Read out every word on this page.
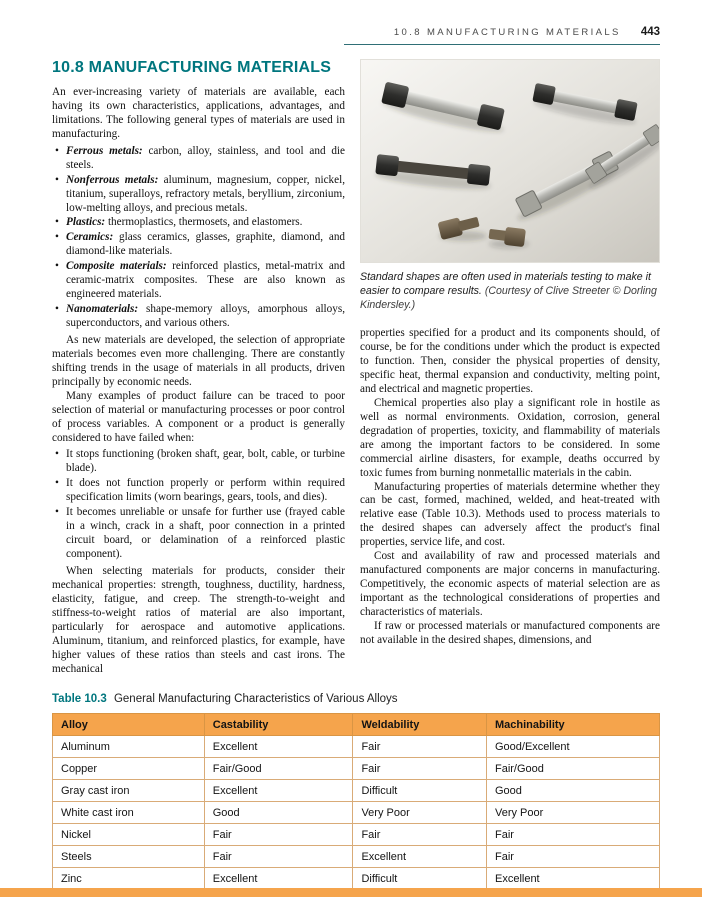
10.8 MANUFACTURING MATERIALS 443
10.8 MANUFACTURING MATERIALS

An ever-increasing variety of materials are available, each having its own characteristics, applications, advantages, and limitations. The following general types of materials are used in manufacturing.

• Ferrous metals: carbon, alloy, stainless, and tool and die steels.
• Nonferrous metals: aluminum, magnesium, copper, nickel, titanium, superalloys, refractory metals, beryllium, zirconium, low-melting alloys, and precious metals.
• Plastics: thermoplastics, thermosets, and elastomers.
• Ceramics: glass ceramics, glasses, graphite, diamond, and diamond-like materials.
• Composite materials: reinforced plastics, metal-matrix and ceramic-matrix composites. These are also known as engineered materials.
• Nanomaterials: shape-memory alloys, amorphous alloys, superconductors, and various others.

As new materials are developed, the selection of appropriate materials becomes even more challenging. There are constantly shifting trends in the usage of materials in all products, driven principally by economic needs.

Many examples of product failure can be traced to poor selection of material or manufacturing processes or poor control of process variables. A component or a product is generally considered to have failed when:

• It stops functioning (broken shaft, gear, bolt, cable, or turbine blade).
• It does not function properly or perform within required specification limits (worn bearings, gears, tools, and dies).
• It becomes unreliable or unsafe for further use (frayed cable in a winch, crack in a shaft, poor connection in a printed circuit board, or delamination of a reinforced plastic component).

When selecting materials for products, consider their mechanical properties: strength, toughness, ductility, hardness, elasticity, fatigue, and creep. The strength-to-weight and stiffness-to-weight ratios of material are also important, particularly for aerospace and automotive applications. Aluminum, titanium, and reinforced plastics, for example, have higher values of these ratios than steels and cast irons. The mechanical

Standard shapes are often used in materials testing to make it easier to compare results. (Courtesy of Clive Streeter © Dorling Kindersley.)

properties specified for a product and its components should, of course, be for the conditions under which the product is expected to function. Then, consider the physical properties of density, specific heat, thermal expansion and conductivity, melting point, and electrical and magnetic properties.

Chemical properties also play a significant role in hostile as well as normal environments. Oxidation, corrosion, general degradation of properties, toxicity, and flammability of materials are among the important factors to be considered. In some commercial airline disasters, for example, deaths occurred by toxic fumes from burning nonmetallic materials in the cabin.

Manufacturing properties of materials determine whether they can be cast, formed, machined, welded, and heat-treated with relative ease (Table 10.3). Methods used to process materials to the desired shapes can adversely affect the product's final properties, service life, and cost.

Cost and availability of raw and processed materials and manufactured components are major concerns in manufacturing. Competitively, the economic aspects of material selection are as important as the technological considerations of properties and characteristics of materials.

If raw or processed materials or manufactured components are not available in the desired shapes, dimensions, and

Table 10.3 General Manufacturing Characteristics of Various Alloys
Alloy	Castability	Weldability	Machinability
Aluminum	Excellent	Fair	Good/Excellent
Copper	Fair/Good	Fair	Fair/Good
Gray cast iron	Excellent	Difficult	Good
White cast iron	Good	Very Poor	Very Poor
Nickel	Fair	Fair	Fair
Steels	Fair	Excellent	Fair
Zinc	Excellent	Difficult	Excellent
